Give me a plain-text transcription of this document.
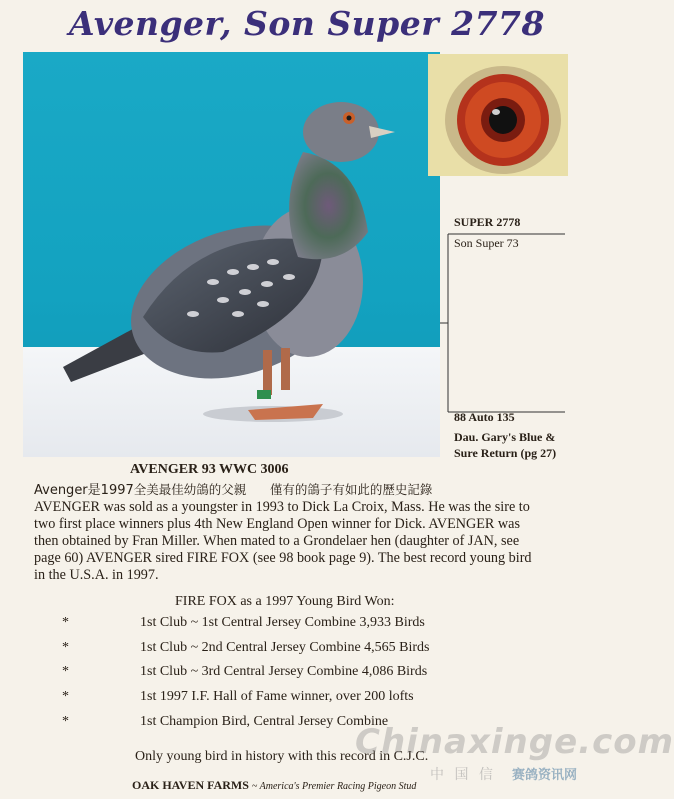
Avenger, Son Super 2778
SUPER 2778
Son Super 73
88 Auto 135
Dau. Gary's Blue &
Sure Return (pg 27)
AVENGER 93 WWC 3006
Avenger是1997全美最佳幼鴿的父親 僅有的鴿子有如此的歷史記錄
AVENGER was sold as a youngster in 1993 to Dick La Croix, Mass. He was the sire to
two first place winners plus 4th New England Open winner for Dick. AVENGER was
then obtained by Fran Miller. When mated to a Grondelaer hen (daughter of JAN, see
page 60) AVENGER sired FIRE FOX (see 98 book page 9). The best record young bird
in the U.S.A. in 1997.
FIRE FOX as a 1997 Young Bird Won:
*	1st Club ~ 1st Central Jersey Combine 3,933 Birds
*	1st Club ~ 2nd Central Jersey Combine 4,565 Birds
*	1st Club ~ 3rd Central Jersey Combine 4,086 Birds
*	1st 1997 I.F. Hall of Fame winner, over 200 lofts
*	1st Champion Bird, Central Jersey Combine
Only young bird in history with this record in C.J.C.
OAK HAVEN FARMS ~ America's Premier Racing Pigeon Stud
Chinaxinge.com
中 国 信 赛鸽资讯网
